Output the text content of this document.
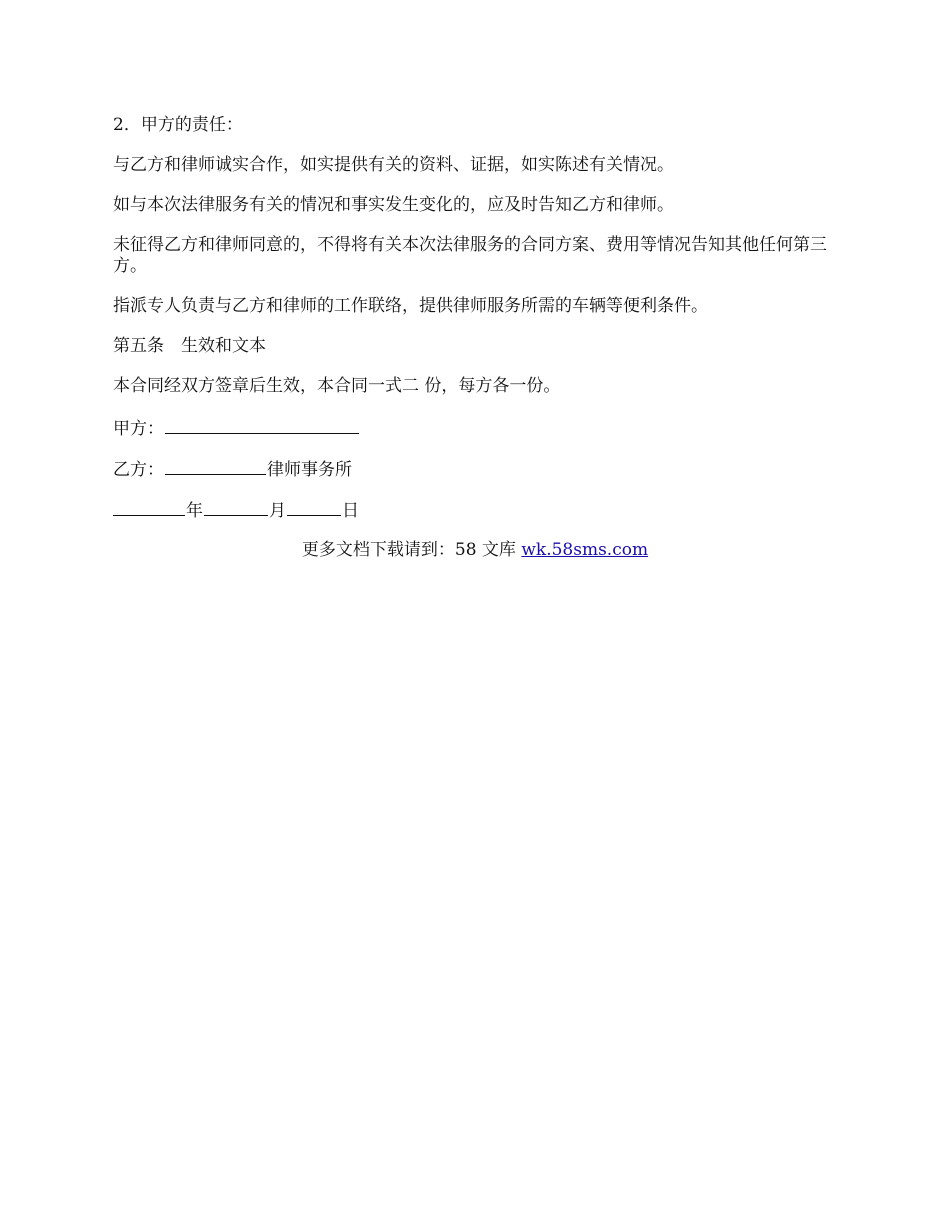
2．甲方的责任：
与乙方和律师诚实合作，如实提供有关的资料、证据，如实陈述有关情况。
如与本次法律服务有关的情况和事实发生变化的，应及时告知乙方和律师。
未征得乙方和律师同意的，不得将有关本次法律服务的合同方案、费用等情况告知其他任何第三方。
指派专人负责与乙方和律师的工作联络，提供律师服务所需的车辆等便利条件。
第五条　生效和文本
本合同经双方签章后生效，本合同一式二 份，每方各一份。
甲方：
乙方：	律师事务所
年	月	日
更多文档下载请到：58 文库 wk.58sms.com
